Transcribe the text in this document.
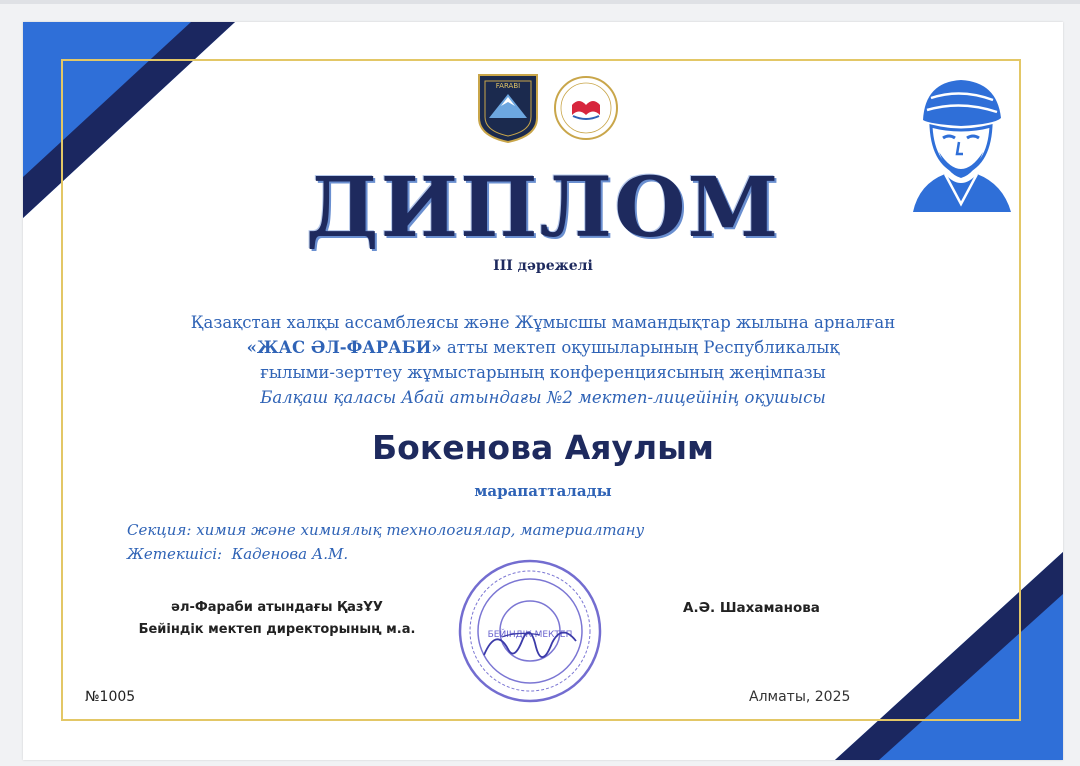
FARABI
ДИПЛОМ
III дәрежелі
Қазақстан халқы ассамблеясы және Жұмысшы мамандықтар жылына арналған
«ЖАС ӘЛ-ФАРАБИ» атты мектеп оқушыларының Республикалық
ғылыми-зерттеу жұмыстарының конференциясының жеңімпазы
Балқаш қаласы Абай атындағы №2 мектеп-лицейінің оқушысы
Бокенова Аяулым
марапатталады
Секция: химия және химиялық технологиялар, материалтану
Жетекшісі:  Каденова А.М.
әл-Фараби атындағы ҚазҰУ
Бейіндік мектеп директорының м.а.	БЕЙІНДІК МЕКТЕП
А.Ә. Шахаманова
№1005	Алматы, 2025
